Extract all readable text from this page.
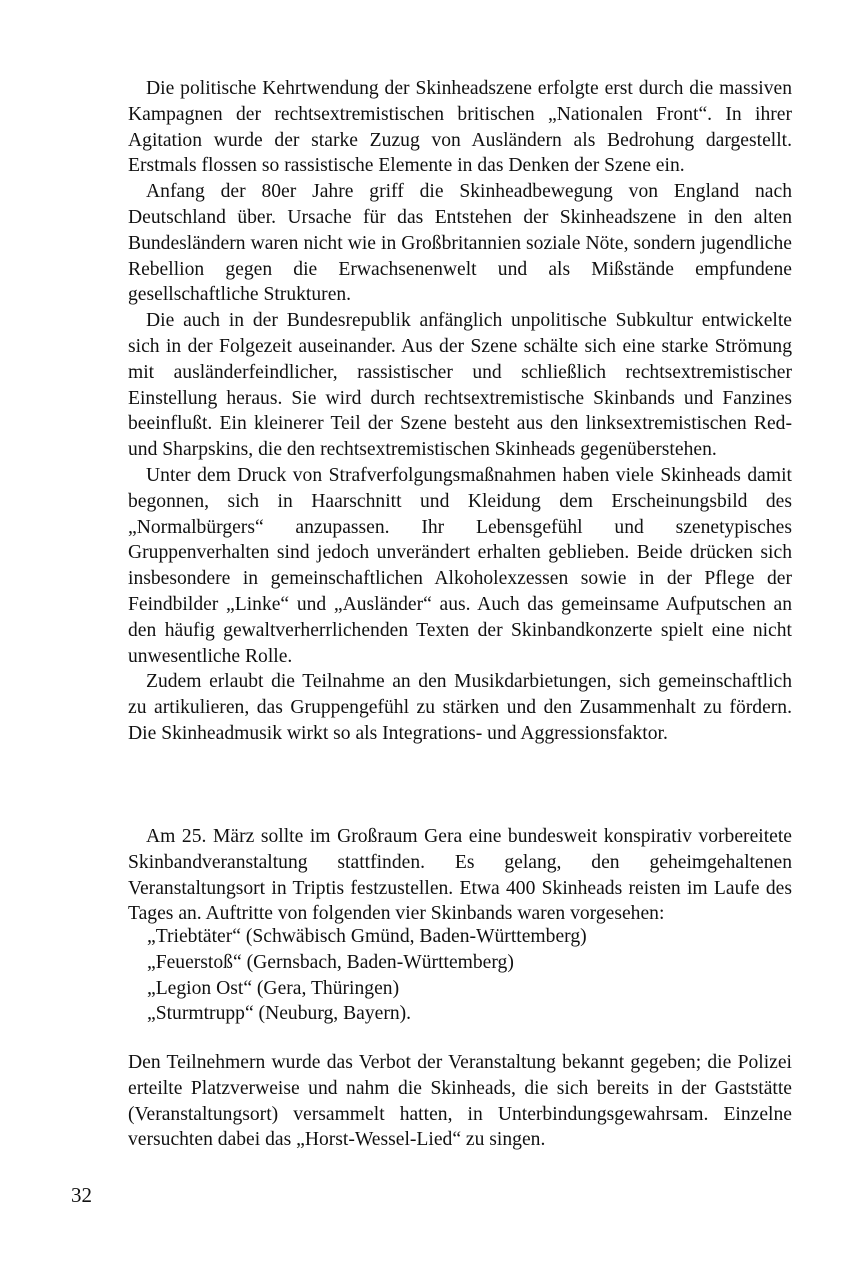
Die politische Kehrtwendung der Skinheadszene erfolgte erst durch die massiven Kampagnen der rechtsextremistischen britischen „Nationalen Front“. In ihrer Agitation wurde der starke Zuzug von Ausländern als Bedrohung dargestellt. Erstmals flossen so rassistische Elemente in das Denken der Szene ein.

Anfang der 80er Jahre griff die Skinheadbewegung von England nach Deutschland über. Ursache für das Entstehen der Skinheadszene in den alten Bundesländern waren nicht wie in Großbritannien soziale Nöte, sondern jugendliche Rebellion gegen die Erwachsenenwelt und als Mißstände empfundene gesellschaftliche Strukturen.

Die auch in der Bundesrepublik anfänglich unpolitische Subkultur entwickelte sich in der Folgezeit auseinander. Aus der Szene schälte sich eine starke Strömung mit ausländerfeindlicher, rassistischer und schließlich rechtsextremistischer Einstellung heraus. Sie wird durch rechtsextremistische Skinbands und Fanzines beeinflußt. Ein kleinerer Teil der Szene besteht aus den linksextremistischen Red- und Sharpskins, die den rechtsextremistischen Skinheads gegenüberstehen.

Unter dem Druck von Strafverfolgungsmaßnahmen haben viele Skinheads damit begonnen, sich in Haarschnitt und Kleidung dem Erscheinungsbild des „Normalbürgers“ anzupassen. Ihr Lebensgefühl und szenetypisches Gruppenverhalten sind jedoch unverändert erhalten geblieben. Beide drücken sich insbesondere in gemeinschaftlichen Alkoholexzessen sowie in der Pflege der Feindbilder „Linke“ und „Ausländer“ aus. Auch das gemeinsame Aufputschen an den häufig gewaltverherrlichenden Texten der Skinbandkonzerte spielt eine nicht unwesentliche Rolle.

Zudem erlaubt die Teilnahme an den Musikdarbietungen, sich gemeinschaftlich zu artikulieren, das Gruppengefühl zu stärken und den Zusammenhalt zu fördern. Die Skinheadmusik wirkt so als Integrations- und Aggressionsfaktor.

Am 25. März sollte im Großraum Gera eine bundesweit konspirativ vorbereitete Skinbandveranstaltung stattfinden. Es gelang, den geheimgehaltenen Veranstaltungsort in Triptis festzustellen. Etwa 400 Skinheads reisten im Laufe des Tages an. Auftritte von folgenden vier Skinbands waren vorgesehen:

„Triebtäter“ (Schwäbisch Gmünd, Baden-Württemberg)
„Feuerstoß“ (Gernsbach, Baden-Württemberg)
„Legion Ost“ (Gera, Thüringen)
„Sturmtrupp“ (Neuburg, Bayern).

Den Teilnehmern wurde das Verbot der Veranstaltung bekannt gegeben; die Polizei erteilte Platzverweise und nahm die Skinheads, die sich bereits in der Gaststätte (Veranstaltungsort) versammelt hatten, in Unterbindungsgewahrsam. Einzelne versuchten dabei das „Horst-Wessel-Lied“ zu singen.

32
